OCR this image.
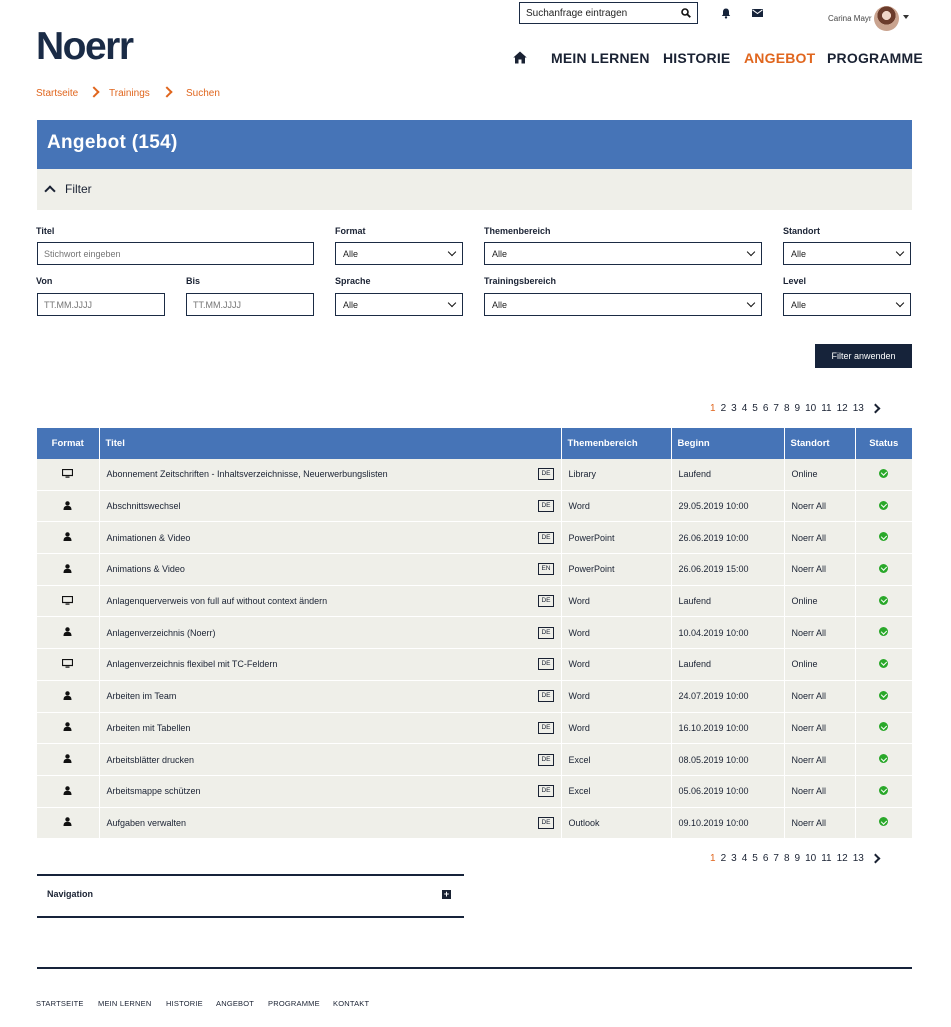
Suchanfrage eintragen
Carina Mayr
Noerr	MEIN LERNEN HISTORIE ANGEBOT PROGRAMME
Startseite	Trainings	Suchen
Angebot (154)
Filter
Titel
Stichwort eingeben	Format
Alle
Themenbereich
Alle
Standort
Alle
Von
TT.MM.JJJJ	Bis
TT.MM.JJJJ	Sprache
Alle
Trainingsbereich
Alle
Level
Alle
Filter anwenden
1 2 3 4 5 6 7 8 9 10 11 12 13
Format	Titel	Themenbereich	Beginn	Standort	Status

Abonnement Zeitschriften - Inhaltsverzeichnisse, Neuerwerbungslisten DE	Library	Laufend	Online	

Abschnittswechsel DE	Word	29.05.2019 10:00	Noerr All	

Animationen & Video DE	PowerPoint	26.06.2019 10:00	Noerr All	

Animations & Video EN	PowerPoint	26.06.2019 15:00	Noerr All	

Anlagenquerverweis von full auf without context ändern DE	Word	Laufend	Online	

Anlagenverzeichnis (Noerr) DE	Word	10.04.2019 10:00	Noerr All	

Anlagenverzeichnis flexibel mit TC-Feldern DE	Word	Laufend	Online	

Arbeiten im Team DE	Word	24.07.2019 10:00	Noerr All	

Arbeiten mit Tabellen DE	Word	16.10.2019 10:00	Noerr All	

Arbeitsblätter drucken DE	Excel	08.05.2019 10:00	Noerr All	

Arbeitsmappe schützen DE	Excel	05.06.2019 10:00	Noerr All	

Aufgaben verwalten DE	Outlook	09.10.2019 10:00	Noerr All	
1 2 3 4 5 6 7 8 9 10 11 12 13
Navigation	+
STARTSEITE MEIN LERNEN HISTORIE ANGEBOT PROGRAMME KONTAKT
